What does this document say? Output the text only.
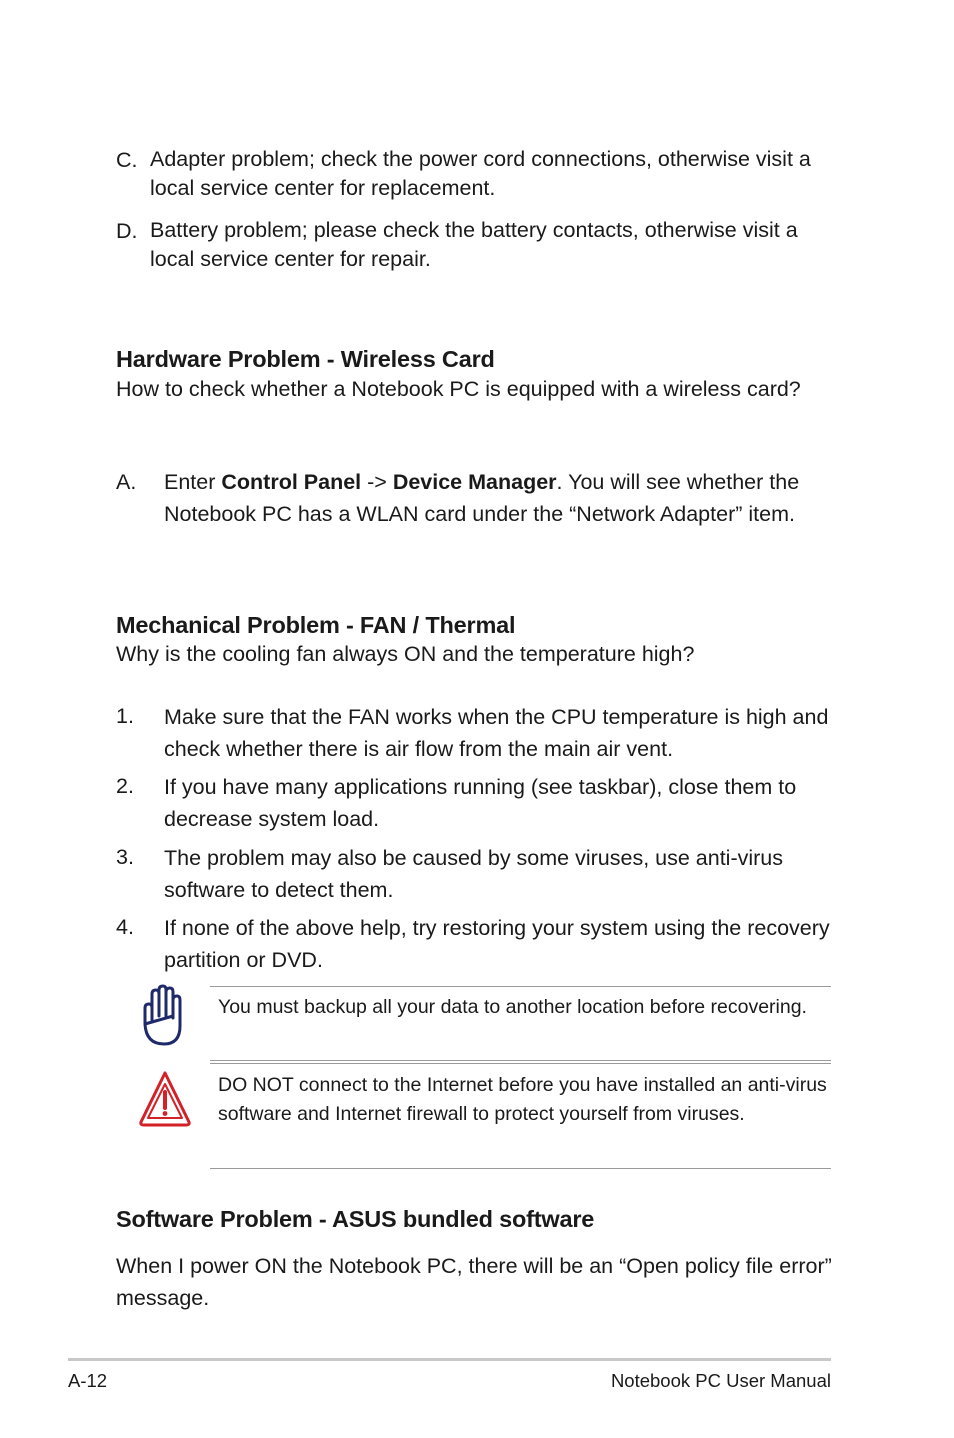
C. Adapter problem; check the power cord connections, otherwise visit a local service center for replacement.

D. Battery problem; please check the battery contacts, otherwise visit a local service center for repair.

Hardware Problem - Wireless Card

How to check whether a Notebook PC is equipped with a wireless card?

A. Enter Control Panel -> Device Manager. You will see whether the Notebook PC has a WLAN card under the “Network Adapter” item.

Mechanical Problem - FAN / Thermal

Why is the cooling fan always ON and the temperature high?

1. Make sure that the FAN works when the CPU temperature is high and check whether there is air flow from the main air vent.

2. If you have many applications running (see taskbar), close them to decrease system load.

3. The problem may also be caused by some viruses, use anti-virus software to detect them.

4. If none of the above help, try restoring your system using the recovery partition or DVD.

You must backup all your data to another location before recovering.

DO NOT connect to the Internet before you have installed an anti-virus software and Internet firewall to protect yourself from viruses.

Software Problem - ASUS bundled software

When I power ON the Notebook PC, there will be an “Open policy file error” message.

A-12	Notebook PC User Manual
